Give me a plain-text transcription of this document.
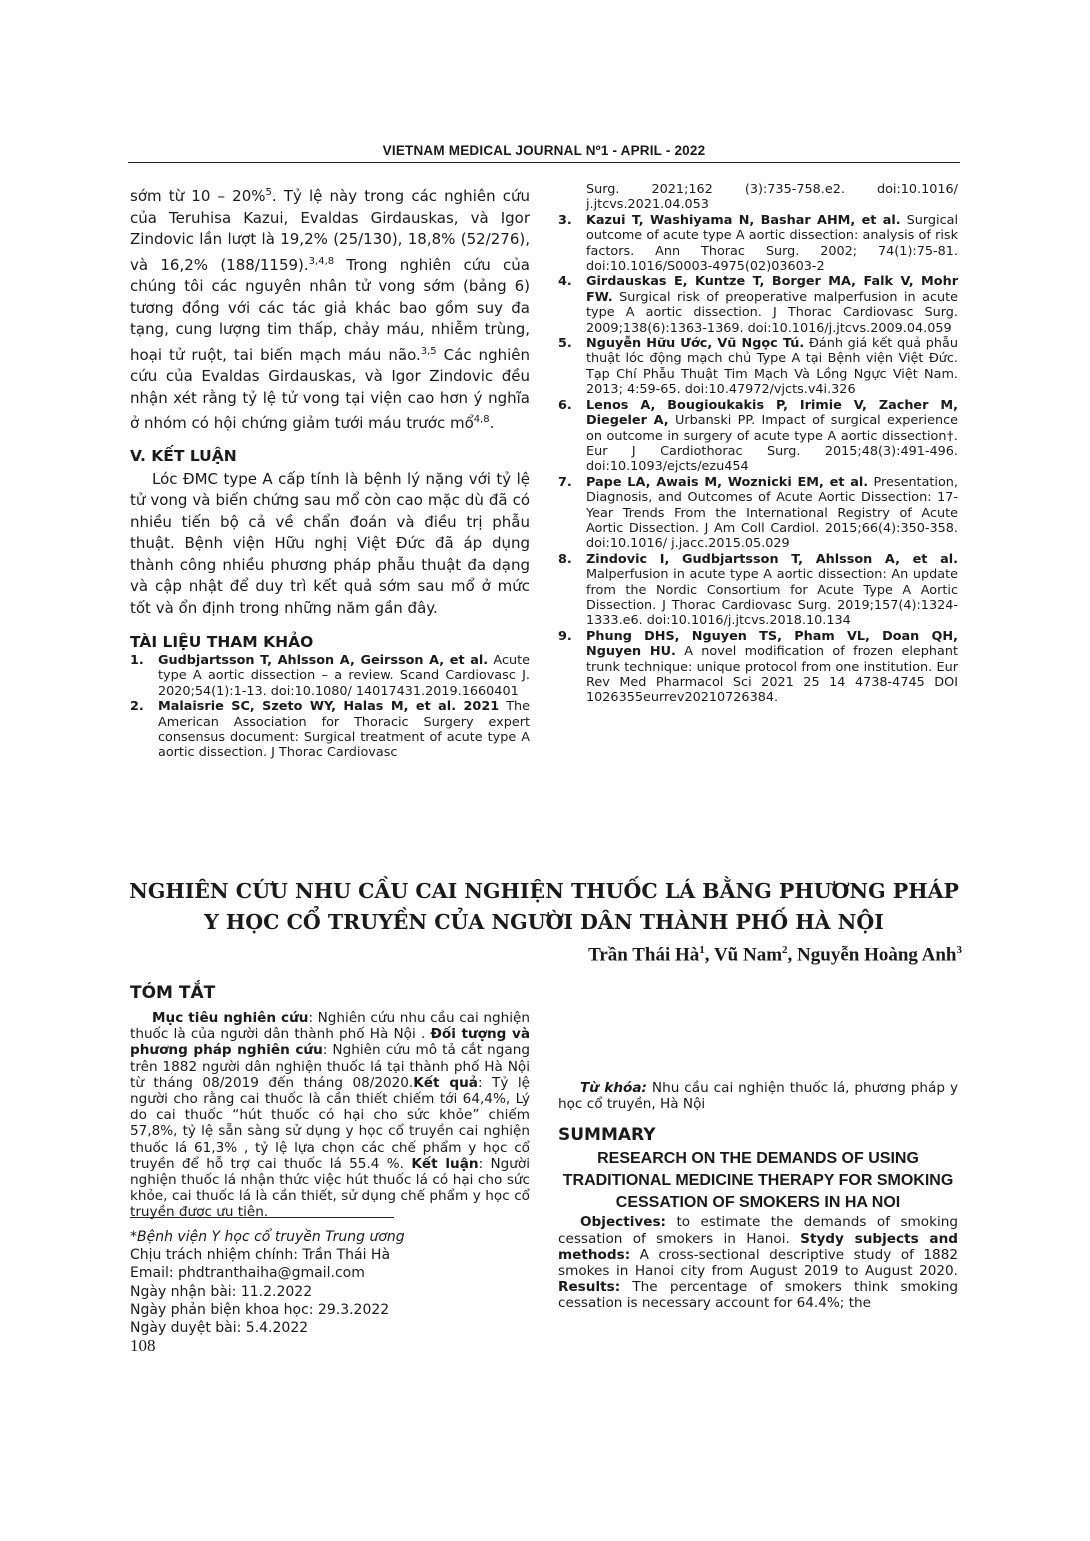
VIETNAM MEDICAL JOURNAL Nº1 - APRIL - 2022
sớm từ 10 – 20%$^5$. Tỷ lệ này trong các nghiên cứu của Teruhisa Kazui, Evaldas Girdauskas, và Igor Zindovic lần lượt là 19,2% (25/130), 18,8% (52/276), và 16,2% (188/1159).$^{3,4,8}$ Trong nghiên cứu của chúng tôi các nguyên nhân tử vong sớm (bảng 6) tương đồng với các tác giả khác bao gồm suy đa tạng, cung lượng tim thấp, chảy máu, nhiễm trùng, hoại tử ruột, tai biến mạch máu não.$^{3,5}$ Các nghiên cứu của Evaldas Girdauskas, và Igor Zindovic đều nhận xét rằng tỷ lệ tử vong tại viện cao hơn ý nghĩa ở nhóm có hội chứng giảm tưới máu trước mổ$^{4,8}$.
V. KẾT LUẬN

Lóc ĐMC type A cấp tính là bệnh lý nặng với tỷ lệ tử vong và biến chứng sau mổ còn cao mặc dù đã có nhiều tiến bộ cả về chẩn đoán và điều trị phẫu thuật. Bệnh viện Hữu nghị Việt Đức đã áp dụng thành công nhiều phương pháp phẫu thuật đa dạng và cập nhật để duy trì kết quả sớm sau mổ ở mức tốt và ổn định trong những năm gần đây.

TÀI LIỆU THAM KHẢO
1.	Gudbjartsson T, Ahlsson A, Geirsson A, et al. Acute type A aortic dissection – a review. Scand Cardiovasc J. 2020;54(1):1-13. doi:10.1080/ 14017431.2019.1660401
2.	Malaisrie SC, Szeto WY, Halas M, et al. 2021 The American Association for Thoracic Surgery expert consensus document: Surgical treatment of acute type A aortic dissection. J Thorac Cardiovasc
Surg. 2021;162 (3):735-758.e2. doi:10.1016/ j.jtcvs.2021.04.053
3.	Kazui T, Washiyama N, Bashar AHM, et al. Surgical outcome of acute type A aortic dissection: analysis of risk factors. Ann Thorac Surg. 2002; 74(1):75-81. doi:10.1016/S0003-4975(02)03603-2
4.	Girdauskas E, Kuntze T, Borger MA, Falk V, Mohr FW. Surgical risk of preoperative malperfusion in acute type A aortic dissection. J Thorac Cardiovasc Surg. 2009;138(6):1363-1369. doi:10.1016/j.jtcvs.2009.04.059
5.	Nguyễn Hữu Ước, Vũ Ngọc Tú. Đánh giá kết quả phẫu thuật lóc động mạch chủ Type A tại Bệnh viện Việt Đức. Tạp Chí Phẫu Thuật Tim Mạch Và Lồng Ngực Việt Nam. 2013; 4:59-65. doi:10.47972/vjcts.v4i.326
6.	Lenos A, Bougioukakis P, Irimie V, Zacher M, Diegeler A, Urbanski PP. Impact of surgical experience on outcome in surgery of acute type A aortic dissection†. Eur J Cardiothorac Surg. 2015;48(3):491-496. doi:10.1093/ejcts/ezu454
7.	Pape LA, Awais M, Woznicki EM, et al. Presentation, Diagnosis, and Outcomes of Acute Aortic Dissection: 17-Year Trends From the International Registry of Acute Aortic Dissection. J Am Coll Cardiol. 2015;66(4):350-358. doi:10.1016/ j.jacc.2015.05.029
8.	Zindovic I, Gudbjartsson T, Ahlsson A, et al. Malperfusion in acute type A aortic dissection: An update from the Nordic Consortium for Acute Type A Aortic Dissection. J Thorac Cardiovasc Surg. 2019;157(4):1324-1333.e6. doi:10.1016/j.jtcvs.2018.10.134
9.	Phung DHS, Nguyen TS, Pham VL, Doan QH, Nguyen HU. A novel modification of frozen elephant trunk technique: unique protocol from one institution. Eur Rev Med Pharmacol Sci 2021 25 14 4738-4745 DOI 1026355eurrev20210726384.
NGHIÊN CỨU NHU CẦU CAI NGHIỆN THUỐC LÁ BẰNG PHƯƠNG PHÁP
Y HỌC CỔ TRUYỀN CỦA NGƯỜI DÂN THÀNH PHỐ HÀ NỘI
Trần Thái $Hà^1$, Vũ Nam$^2$, Nguyễn Hoàng Anh$^3$
TÓM TẮT

Mục tiêu nghiên cứu: Nghiên cứu nhu cầu cai nghiện thuốc là của người dân thành phố Hà Nội . Đối tượng và phương pháp nghiên cứu: Nghiên cứu mô tả cắt ngang trên 1882 người dân nghiện thuốc lá tại thành phố Hà Nội từ tháng 08/2019 đến tháng 08/2020.Kết quả: Tỷ lệ người cho rằng cai thuốc là cần thiết chiếm tới 64,4%, Lý do cai thuốc “hút thuốc có hại cho sức khỏe” chiếm 57,8%, tỷ lệ sẵn sàng sử dụng y học cổ truyền cai nghiện thuốc lá 61,3% , tỷ lệ lựa chọn các chế phẩm y học cổ truyền để hỗ trợ cai thuốc lá 55.4 %. Kết luận: Người nghiện thuốc lá nhận thức việc hút thuốc lá có hại cho sức khỏe, cai thuốc lá là cần thiết, sử dụng chế phẩm y học cổ truyền được ưu tiên.

Từ khóa: Nhu cầu cai nghiện thuốc lá, phương pháp y học cổ truyền, Hà Nội

SUMMARY
RESEARCH ON THE DEMANDS OF USING TRADITIONAL MEDICINE THERAPY FOR SMOKING CESSATION OF SMOKERS IN HA NOI

Objectives: to estimate the demands of smoking cessation of smokers in Hanoi. Stydy subjects and methods: A cross-sectional descriptive study of 1882 smokes in Hanoi city from August 2019 to August 2020. Results: The percentage of smokers think smoking cessation is necessary account for 64.4%; the

*Bệnh viện Y học cổ truyền Trung ương
Chịu trách nhiệm chính: Trần Thái Hà
Email: phdtranthaiha@gmail.com
Ngày nhận bài: 11.2.2022
Ngày phản biện khoa học: 29.3.2022
Ngày duyệt bài: 5.4.2022
108
